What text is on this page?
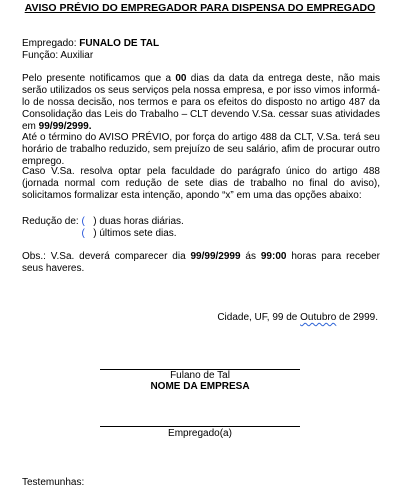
AVISO PRÉVIO DO EMPREGADOR PARA DISPENSA DO EMPREGADO
Empregado: FUNALO DE TAL
Função: Auxiliar
Pelo presente notificamos que a 00 dias da data da entrega deste, não mais serão utilizados os seus serviços pela nossa empresa, e por isso vimos informá-lo de nossa decisão, nos termos e para os efeitos do disposto no artigo 487 da Consolidação das Leis do Trabalho – CLT devendo V.Sa. cessar suas atividades em 99/99/2999.
Até o término do AVISO PRÉVIO, por força do artigo 488 da CLT, V.Sa. terá seu horário de trabalho reduzido, sem prejuízo de seu salário, afim de procurar outro emprego.
Caso V.Sa. resolva optar pela faculdade do parágrafo único do artigo 488 (jornada normal com redução de sete dias de trabalho no final do aviso), solicitamos formalizar esta intenção, apondo “x” em uma das opções abaixo:
Redução de: ( ) duas horas diárias.
( ) últimos sete dias.
Obs.: V.Sa. deverá comparecer dia 99/99/2999 ás 99:00 horas para receber seus haveres.
Cidade, UF, 99 de Outubro de 2999.
Fulano de Tal
NOME DA EMPRESA
Empregado(a)
Testemunhas:
